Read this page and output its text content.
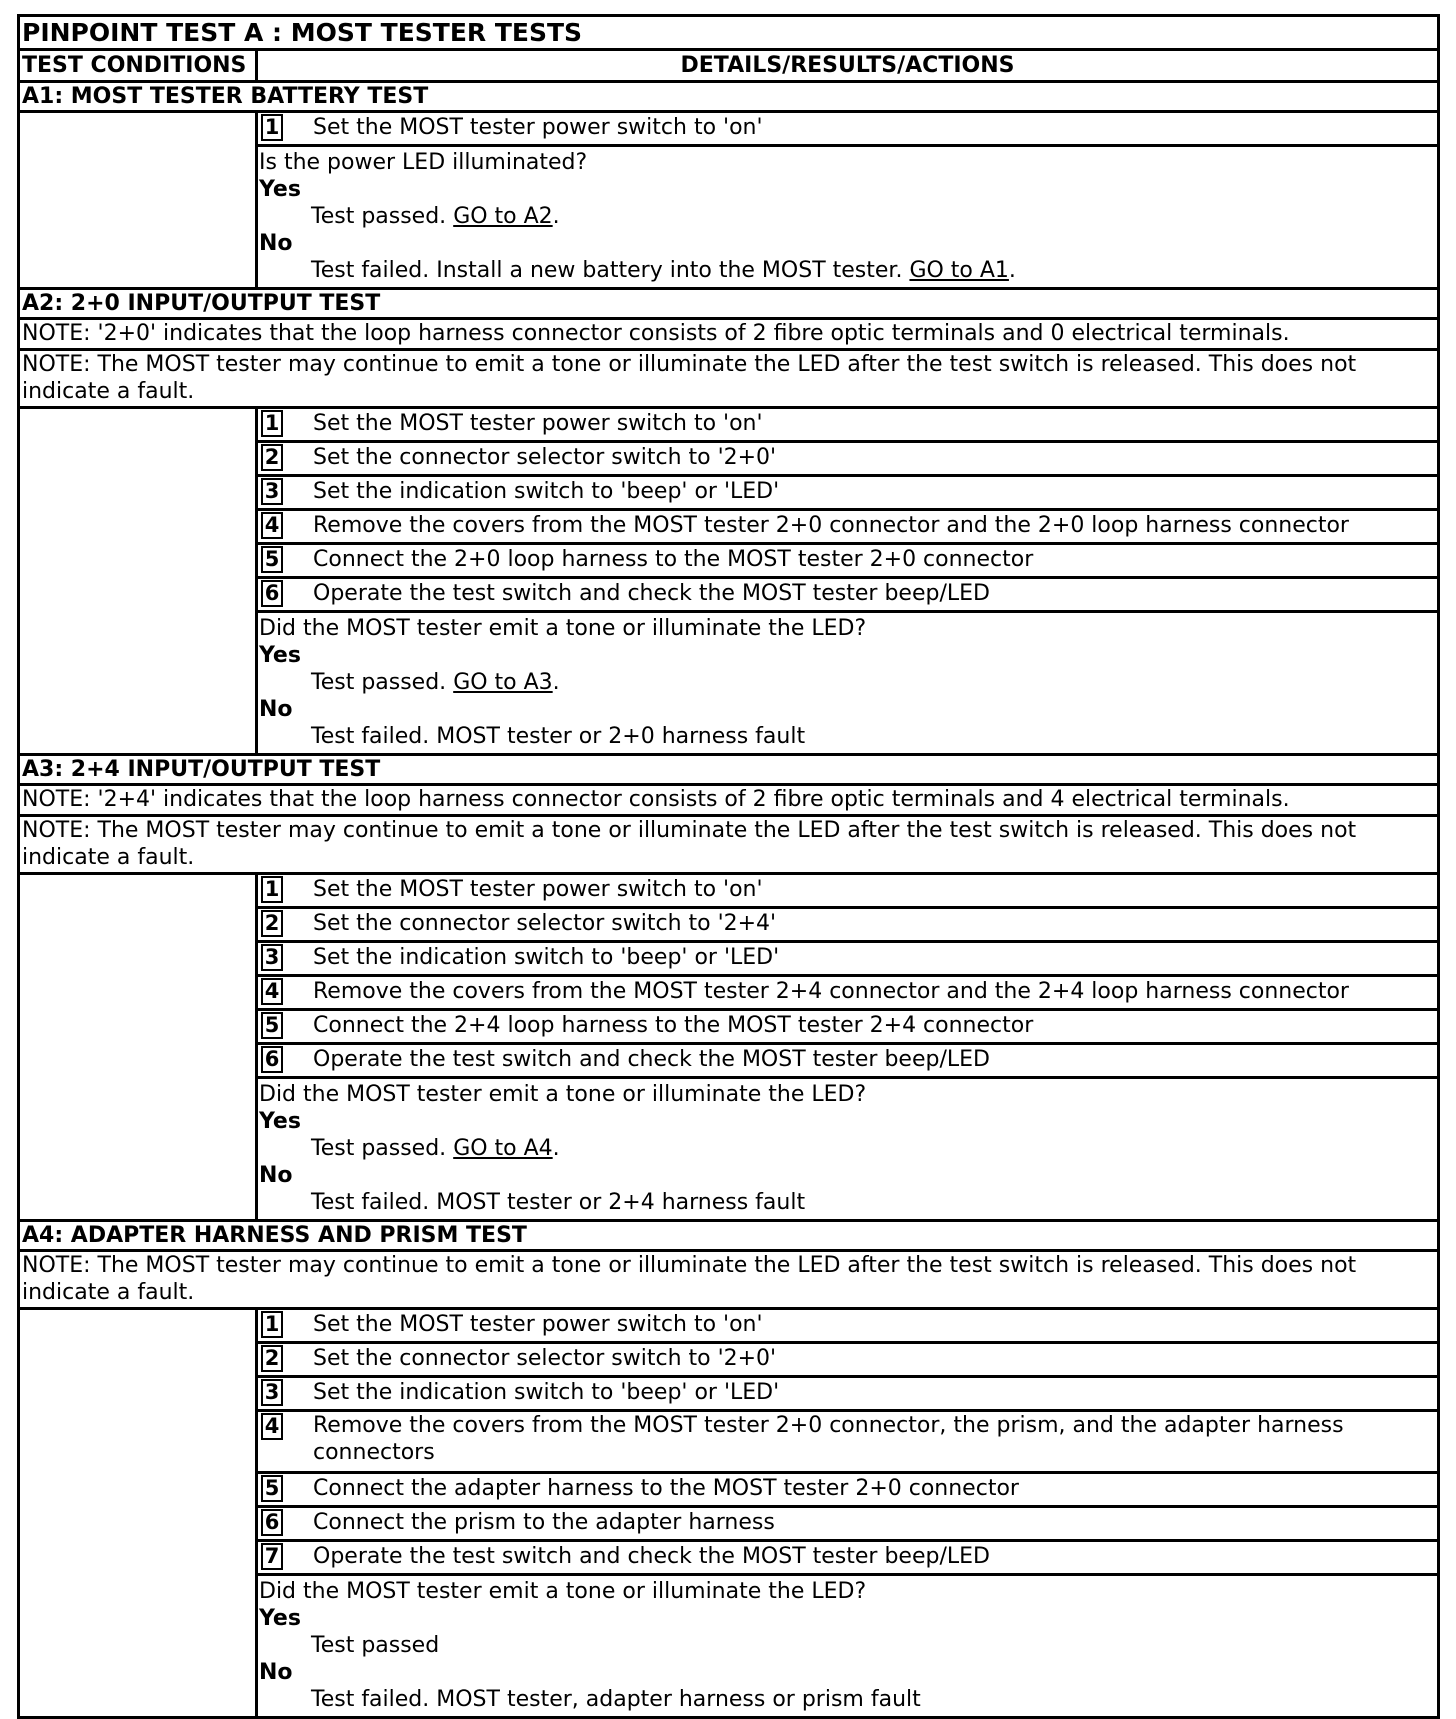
PINPOINT TEST A : MOST TESTER TESTS
TEST CONDITIONS	DETAILS/RESULTS/ACTIONS
A1: MOST TESTER BATTERY TEST
1	Set the MOST tester power switch to 'on'
Is the power LED illuminated?
Yes
Test passed. GO to A2.
No
Test failed. Install a new battery into the MOST tester. GO to A1.
A2: 2+0 INPUT/OUTPUT TEST
NOTE: '2+0' indicates that the loop harness connector consists of 2 fibre optic terminals and 0 electrical terminals.
NOTE: The MOST tester may continue to emit a tone or illuminate the LED after the test switch is released. This does not indicate a fault.
1	Set the MOST tester power switch to 'on'
2	Set the connector selector switch to '2+0'
3	Set the indication switch to 'beep' or 'LED'
4	Remove the covers from the MOST tester 2+0 connector and the 2+0 loop harness connector
5	Connect the 2+0 loop harness to the MOST tester 2+0 connector
6	Operate the test switch and check the MOST tester beep/LED
Did the MOST tester emit a tone or illuminate the LED?
Yes
Test passed. GO to A3.
No
Test failed. MOST tester or 2+0 harness fault
A3: 2+4 INPUT/OUTPUT TEST
NOTE: '2+4' indicates that the loop harness connector consists of 2 fibre optic terminals and 4 electrical terminals.
NOTE: The MOST tester may continue to emit a tone or illuminate the LED after the test switch is released. This does not indicate a fault.
1	Set the MOST tester power switch to 'on'
2	Set the connector selector switch to '2+4'
3	Set the indication switch to 'beep' or 'LED'
4	Remove the covers from the MOST tester 2+4 connector and the 2+4 loop harness connector
5	Connect the 2+4 loop harness to the MOST tester 2+4 connector
6	Operate the test switch and check the MOST tester beep/LED
Did the MOST tester emit a tone or illuminate the LED?
Yes
Test passed. GO to A4.
No
Test failed. MOST tester or 2+4 harness fault
A4: ADAPTER HARNESS AND PRISM TEST
NOTE: The MOST tester may continue to emit a tone or illuminate the LED after the test switch is released. This does not indicate a fault.
1	Set the MOST tester power switch to 'on'
2	Set the connector selector switch to '2+0'
3	Set the indication switch to 'beep' or 'LED'
4	Remove the covers from the MOST tester 2+0 connector, the prism, and the adapter harness connectors
5	Connect the adapter harness to the MOST tester 2+0 connector
6	Connect the prism to the adapter harness
7	Operate the test switch and check the MOST tester beep/LED
Did the MOST tester emit a tone or illuminate the LED?
Yes
Test passed
No
Test failed. MOST tester, adapter harness or prism fault
